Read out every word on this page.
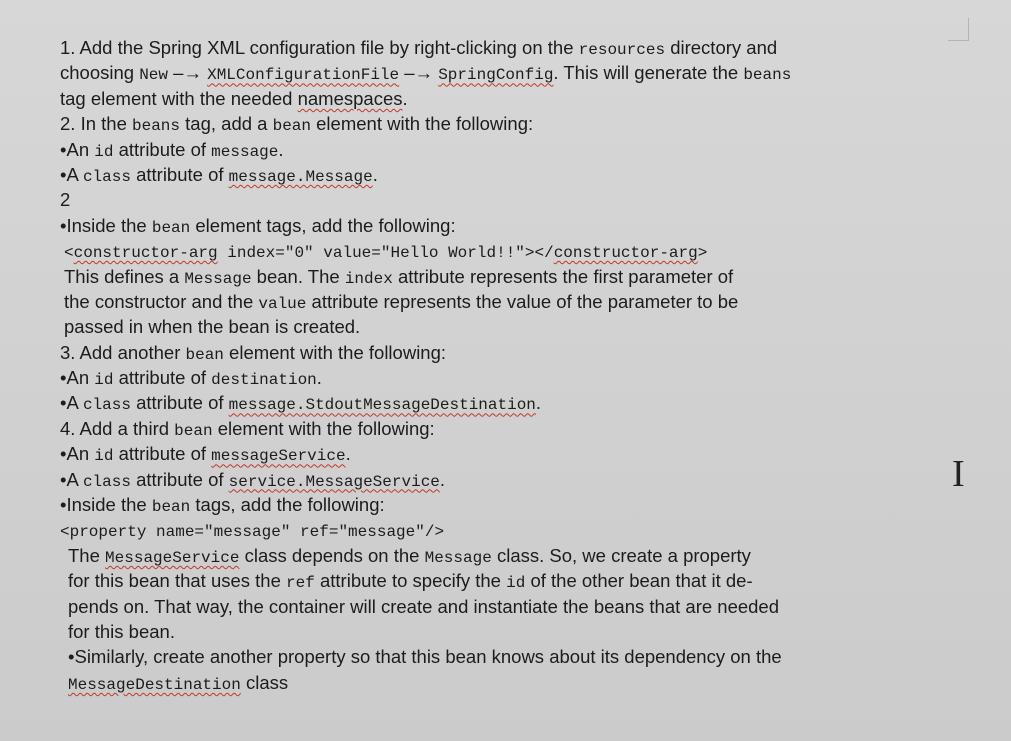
1. Add the Spring XML configuration file by right-clicking on the resources directory and
choosing New –→ XMLConfigurationFile –→ SpringConfig. This will generate the beans
tag element with the needed namespaces.
2. In the beans tag, add a bean element with the following:
•An id attribute of message.
•A class attribute of message.Message.
2
•Inside the bean element tags, add the following:
<constructor-arg index="0" value="Hello World!!"></constructor-arg>
This defines a Message bean. The index attribute represents the first parameter of
the constructor and the value attribute represents the value of the parameter to be
passed in when the bean is created.
3. Add another bean element with the following:
•An id attribute of destination.
•A class attribute of message.StdoutMessageDestination.
4. Add a third bean element with the following:
•An id attribute of messageService.
•A class attribute of service.MessageService.
•Inside the bean tags, add the following:
<property name="message" ref="message"/>
The MessageService class depends on the Message class. So, we create a property
for this bean that uses the ref attribute to specify the id of the other bean that it de-
pends on. That way, the container will create and instantiate the beans that are needed
for this bean.
•Similarly, create another property so that this bean knows about its dependency on the
MessageDestination class
I
